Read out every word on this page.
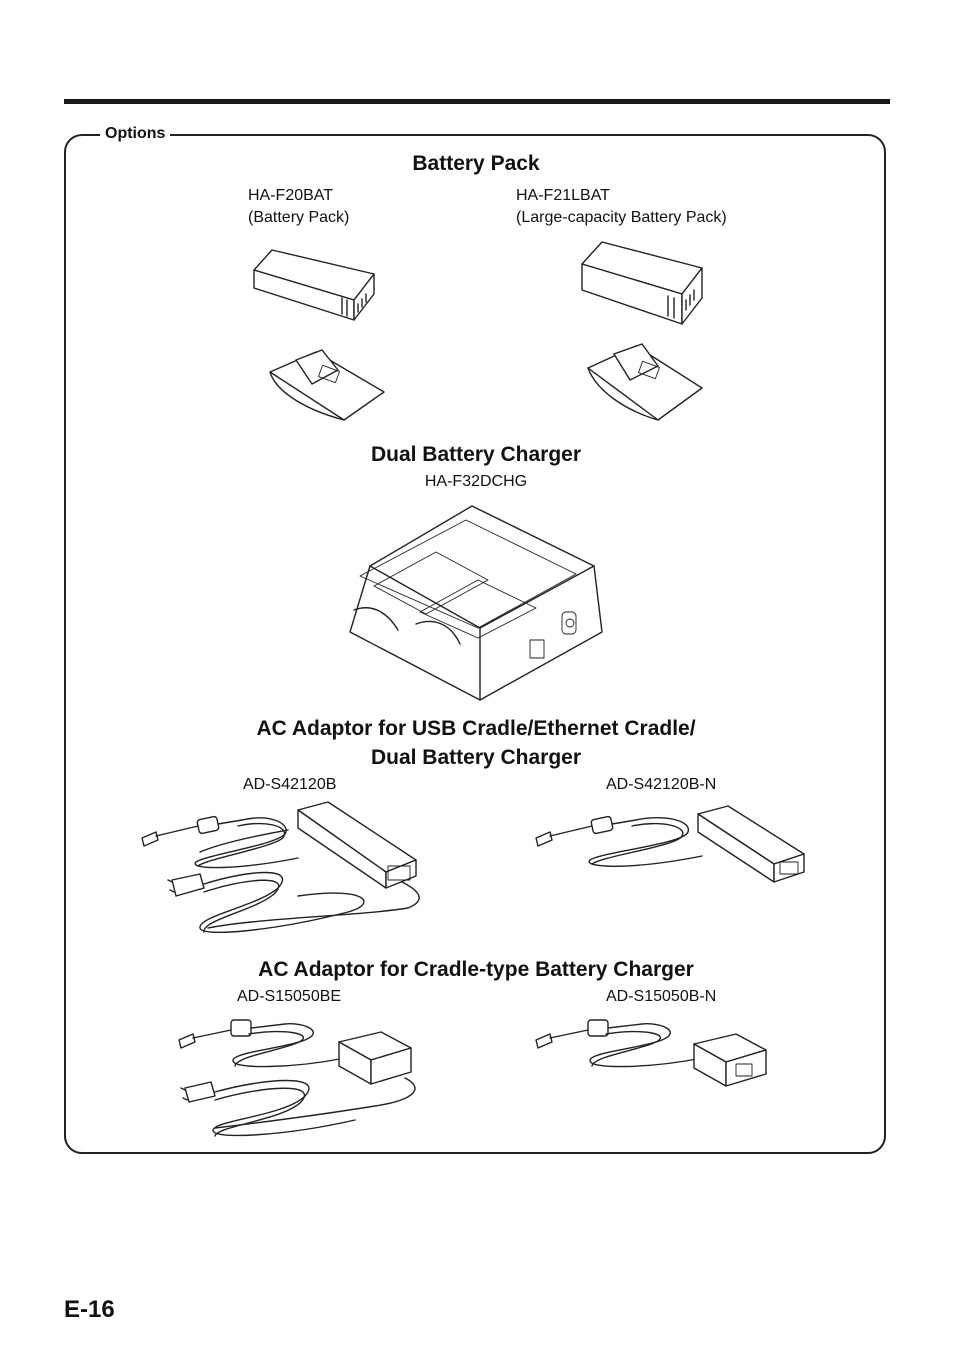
Options
Battery Pack
HA-F20BAT
(Battery Pack)
HA-F21LBAT
(Large-capacity Battery Pack)
Dual Battery Charger
HA-F32DCHG
AC Adaptor for USB Cradle/Ethernet Cradle/
Dual Battery Charger
AD-S42120B	AD-S42120B-N
AC Adaptor for Cradle-type Battery Charger
AD-S15050BE	AD-S15050B-N
E-16
